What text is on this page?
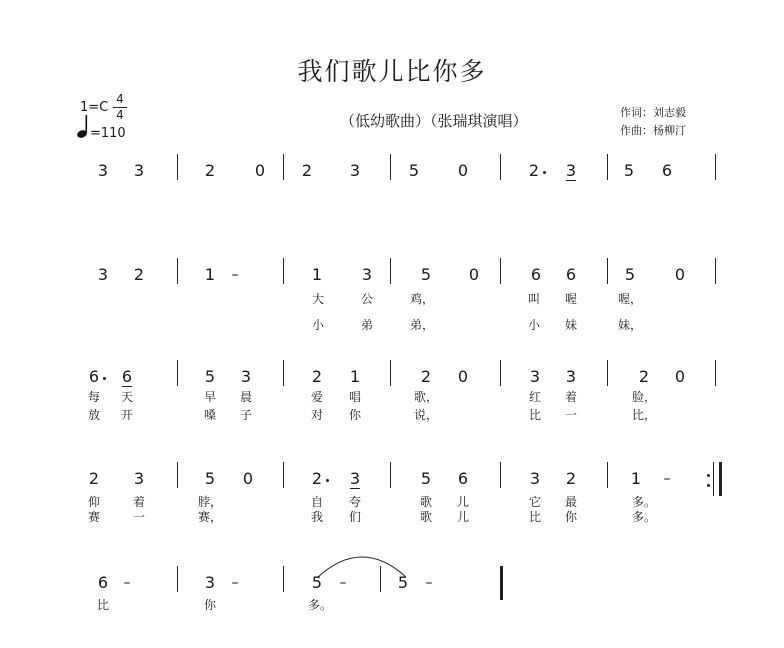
我们歌儿比你多
（低幼歌曲）（张瑞琪演唱）	作词：刘志毅
作曲：杨柳汀
1=C
4
4
=110
3 3	2 0 2 3	5 0	2 3	5 6
3 2	1 –	1 3	5 0	6 6	5 0
大	公	鸡，	叫 喔	喔，
小	弟	弟，	小 妹	妹，
6 6	5 3	2 1	2 0	3 3	2 0
每 天	早 晨	爱 唱	歌，	红 着	脸，
放 开	嗓 子	对 你	说，	比 一	比，
2 3	5 0	2 3	5 6	3 2	1 –
仰	着	脖，	自 夸	歌 儿	它 最	多。
赛	一	赛，	我 们	歌 儿	比 你	多。
6 –	3 –	5 –	5 –
比	你	多。
